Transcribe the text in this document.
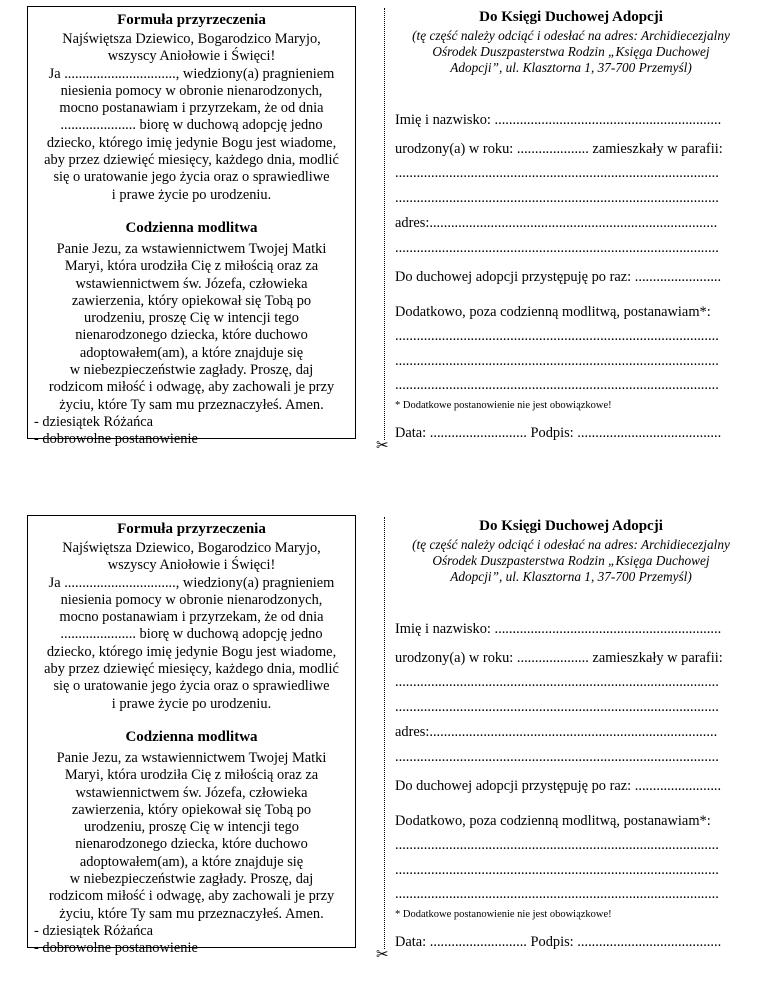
Formuła przyrzeczenia
Najświętsza Dziewico, Bogarodzico Maryjo,
wszyscy Aniołowie i Święci!
Ja ..............................., wiedziony(a) pragnieniem
niesienia pomocy w obronie nienarodzonych,
mocno postanawiam i przyrzekam, że od dnia
..................... biorę w duchową adopcję jedno
dziecko, którego imię jedynie Bogu jest wiadome,
aby przez dziewięć miesięcy, każdego dnia, modlić
się o uratowanie jego życia oraz o sprawiedliwe
i prawe życie po urodzeniu.
Codzienna modlitwa
Panie Jezu, za wstawiennictwem Twojej Matki
Maryi, która urodziła Cię z miłością oraz za
wstawiennictwem św. Józefa, człowieka
zawierzenia, który opiekował się Tobą po
urodzeniu, proszę Cię w intencji tego
nienarodzonego dziecka, które duchowo
adoptowałem(am), a które znajduje się
w niebezpieczeństwie zagłady. Proszę, daj
rodzicom miłość i odwagę, aby zachowali je przy
życiu, które Ty sam mu przeznaczyłeś. Amen.
- dziesiątek Różańca
- dobrowolne postanowienie	✂
Do Księgi Duchowej Adopcji
(tę część należy odciąć i odesłać na adres: Archidiecezjalny
Ośrodek Duszpasterstwa Rodzin „Księga Duchowej
Adopcji”, ul. Klasztorna 1, 37-700 Przemyśl)
Imię i nazwisko: ...............................................................
urodzony(a) w roku: .................... zamieszkały w parafii:
..........................................................................................
..........................................................................................
adres:................................................................................
..........................................................................................
Do duchowej adopcji przystępuję po raz: ........................
Dodatkowo, poza codzienną modlitwą, postanawiam*:
..........................................................................................
..........................................................................................
..........................................................................................
* Dodatkowe postanowienie nie jest obowiązkowe!
Data: ........................... Podpis: ........................................
Formuła przyrzeczenia
Najświętsza Dziewico, Bogarodzico Maryjo,
wszyscy Aniołowie i Święci!
Ja ..............................., wiedziony(a) pragnieniem
niesienia pomocy w obronie nienarodzonych,
mocno postanawiam i przyrzekam, że od dnia
..................... biorę w duchową adopcję jedno
dziecko, którego imię jedynie Bogu jest wiadome,
aby przez dziewięć miesięcy, każdego dnia, modlić
się o uratowanie jego życia oraz o sprawiedliwe
i prawe życie po urodzeniu.
Codzienna modlitwa
Panie Jezu, za wstawiennictwem Twojej Matki
Maryi, która urodziła Cię z miłością oraz za
wstawiennictwem św. Józefa, człowieka
zawierzenia, który opiekował się Tobą po
urodzeniu, proszę Cię w intencji tego
nienarodzonego dziecka, które duchowo
adoptowałem(am), a które znajduje się
w niebezpieczeństwie zagłady. Proszę, daj
rodzicom miłość i odwagę, aby zachowali je przy
życiu, które Ty sam mu przeznaczyłeś. Amen.
- dziesiątek Różańca
- dobrowolne postanowienie	✂
Do Księgi Duchowej Adopcji
(tę część należy odciąć i odesłać na adres: Archidiecezjalny
Ośrodek Duszpasterstwa Rodzin „Księga Duchowej
Adopcji”, ul. Klasztorna 1, 37-700 Przemyśl)
Imię i nazwisko: ...............................................................
urodzony(a) w roku: .................... zamieszkały w parafii:
..........................................................................................
..........................................................................................
adres:................................................................................
..........................................................................................
Do duchowej adopcji przystępuję po raz: ........................
Dodatkowo, poza codzienną modlitwą, postanawiam*:
..........................................................................................
..........................................................................................
..........................................................................................
* Dodatkowe postanowienie nie jest obowiązkowe!
Data: ........................... Podpis: ........................................
